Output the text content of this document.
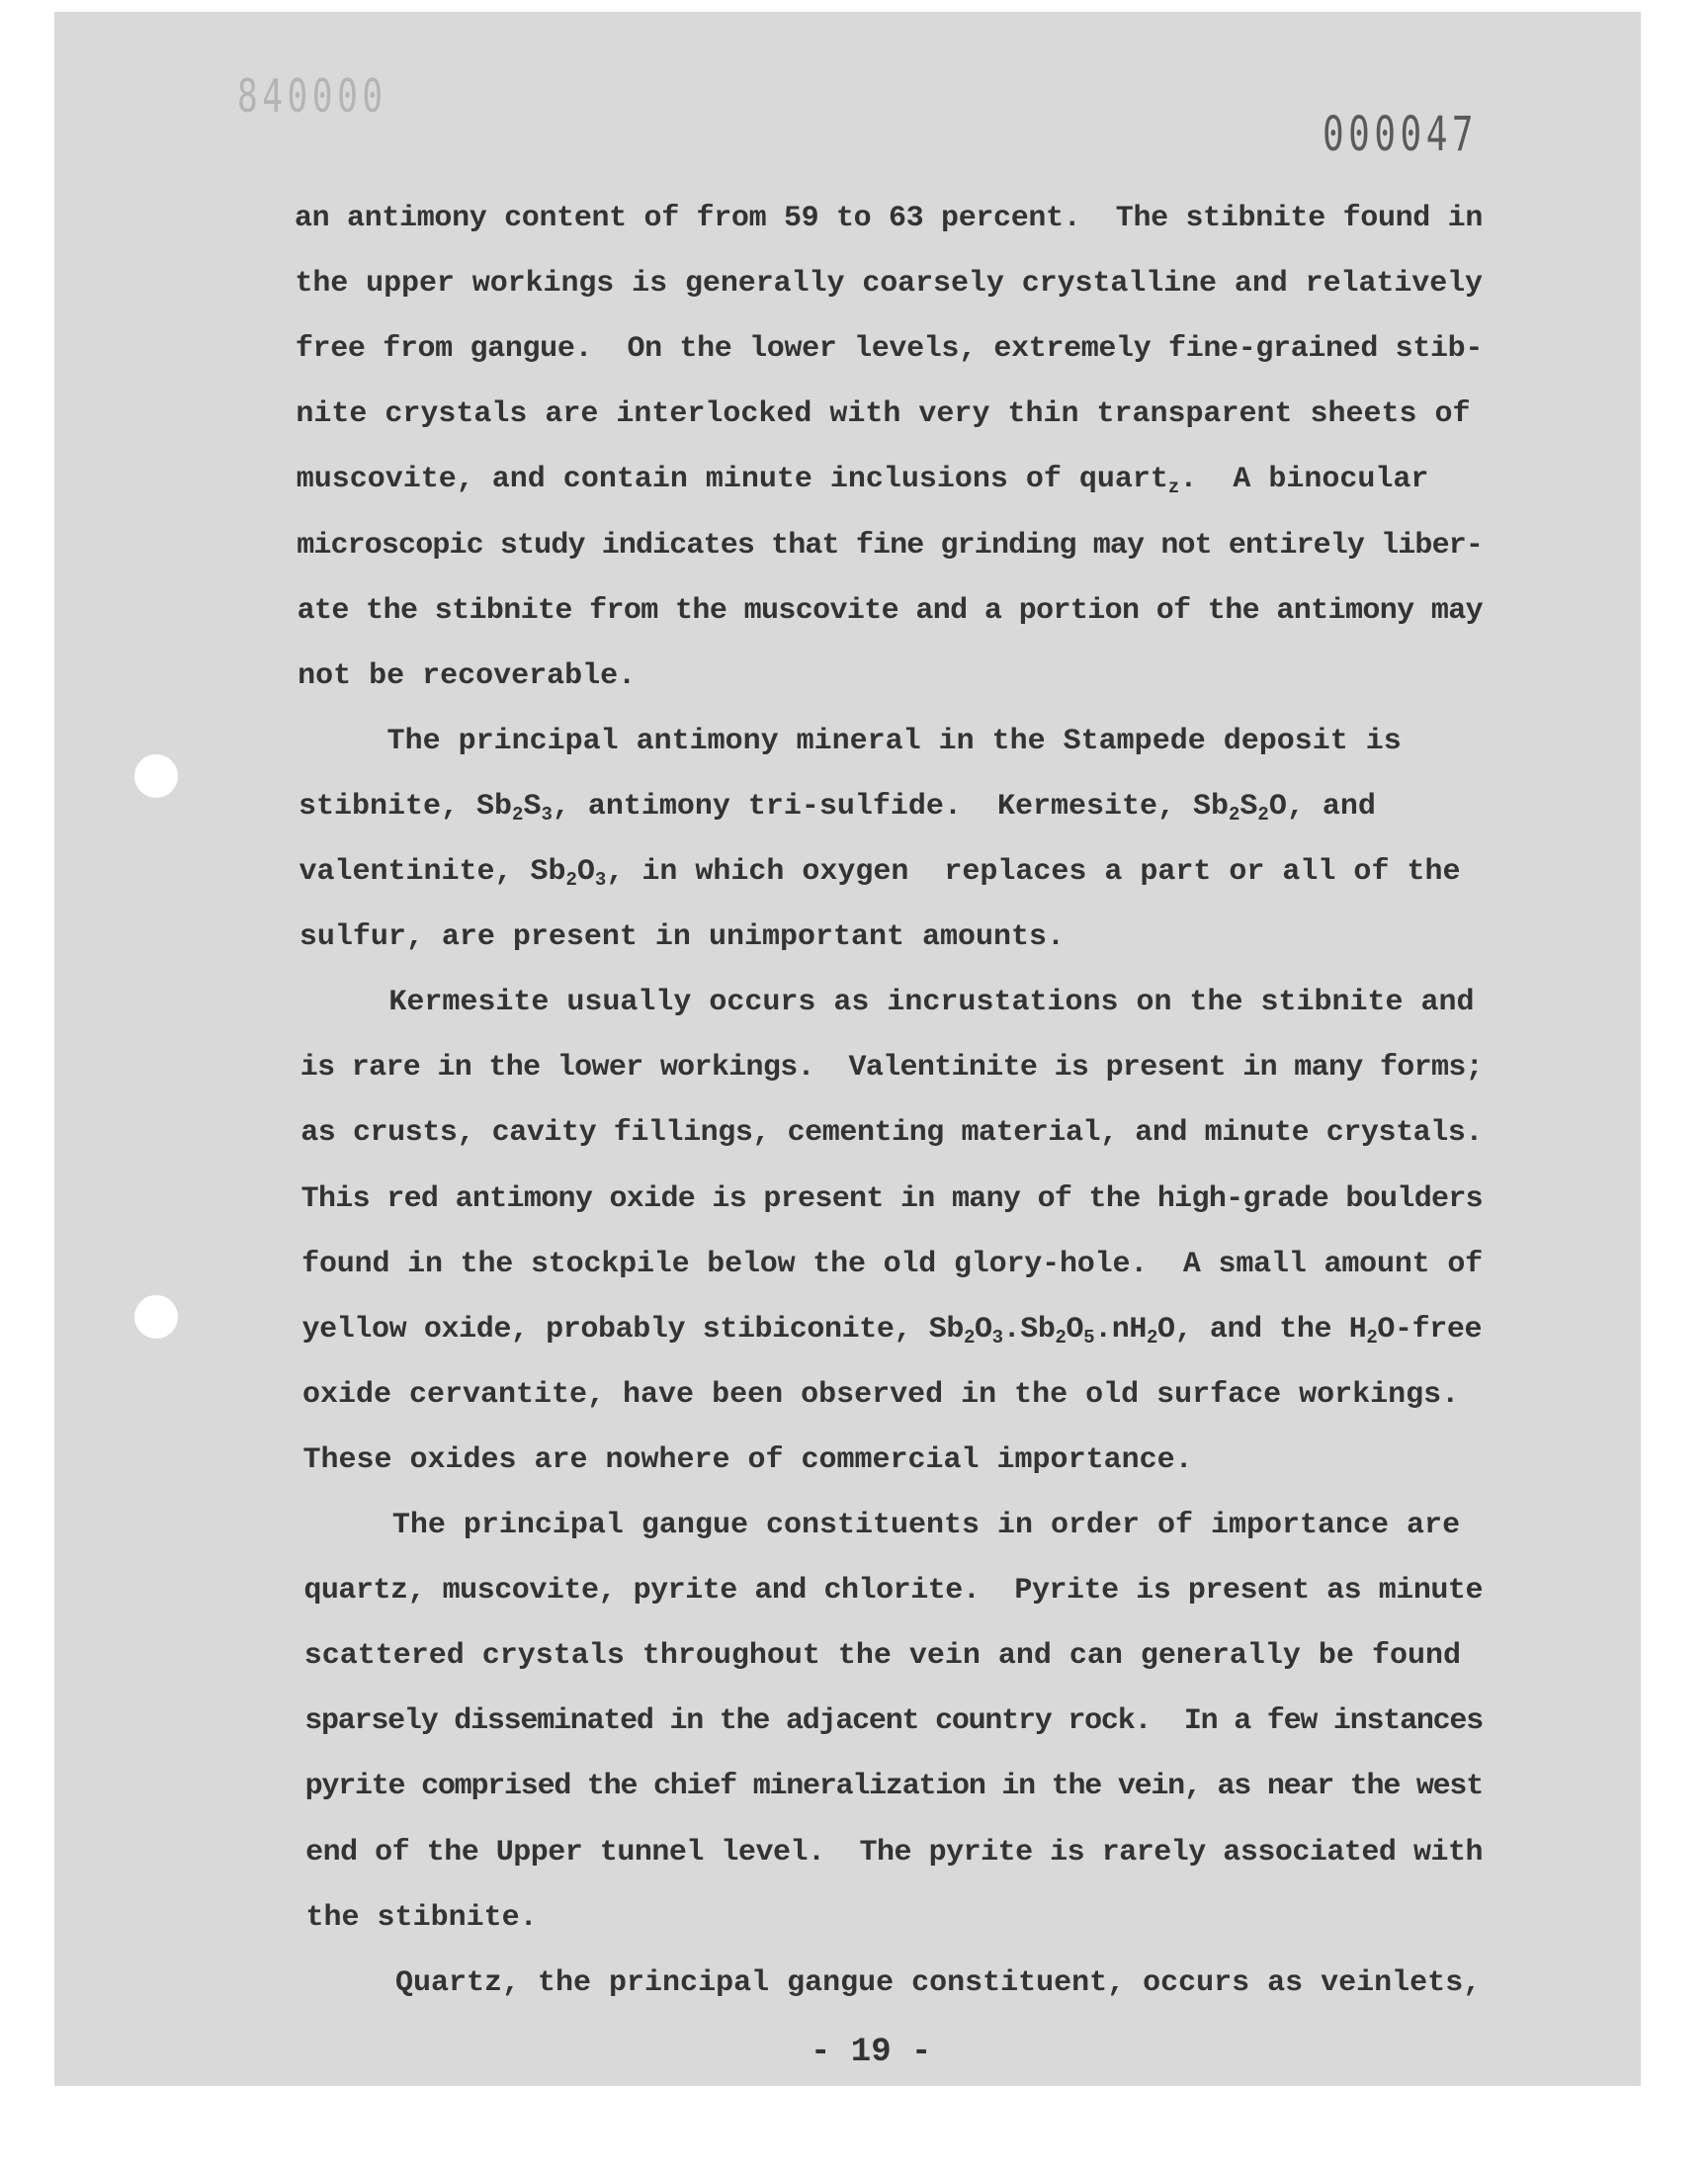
840000
000047

an antimony content of from 59 to 63 percent.  The stibnite found in

the upper workings is generally coarsely crystalline and relatively

free from gangue.  On the lower levels, extremely fine-grained stib-

nite crystals are interlocked with very thin transparent sheets of

muscovite, and contain minute inclusions of quart$_z$.  A binocular

microscopic study indicates that fine grinding may not entirely liber-

ate the stibnite from the muscovite and a portion of the antimony may

not be recoverable.

The principal antimony mineral in the Stampede deposit is

stibnite, $Sb_2S_3$, antimony tri-sulfide.  Kermesite, $Sb_2S_2O$, and

valentinite, $Sb_2O_3$, in which oxygen  replaces a part or all of the

sulfur, are present in unimportant amounts.

Kermesite usually occurs as incrustations on the stibnite and

is rare in the lower workings.  Valentinite is present in many forms;

as crusts, cavity fillings, cementing material, and minute crystals.

This red antimony oxide is present in many of the high-grade boulders

found in the stockpile below the old glory-hole.  A small amount of

yellow oxide, probably stibiconite, $Sb_2O_3.Sb_2O_5.nH_2O$, and the $H_2O$-free

oxide cervantite, have been observed in the old surface workings.

These oxides are nowhere of commercial importance.

The principal gangue constituents in order of importance are

quartz, muscovite, pyrite and chlorite.  Pyrite is present as minute

scattered crystals throughout the vein and can generally be found

sparsely disseminated in the adjacent country rock.  In a few instances

pyrite comprised the chief mineralization in the vein, as near the west

end of the Upper tunnel level.  The pyrite is rarely associated with

the stibnite.

Quartz, the principal gangue constituent, occurs as veinlets,

- 19 -
